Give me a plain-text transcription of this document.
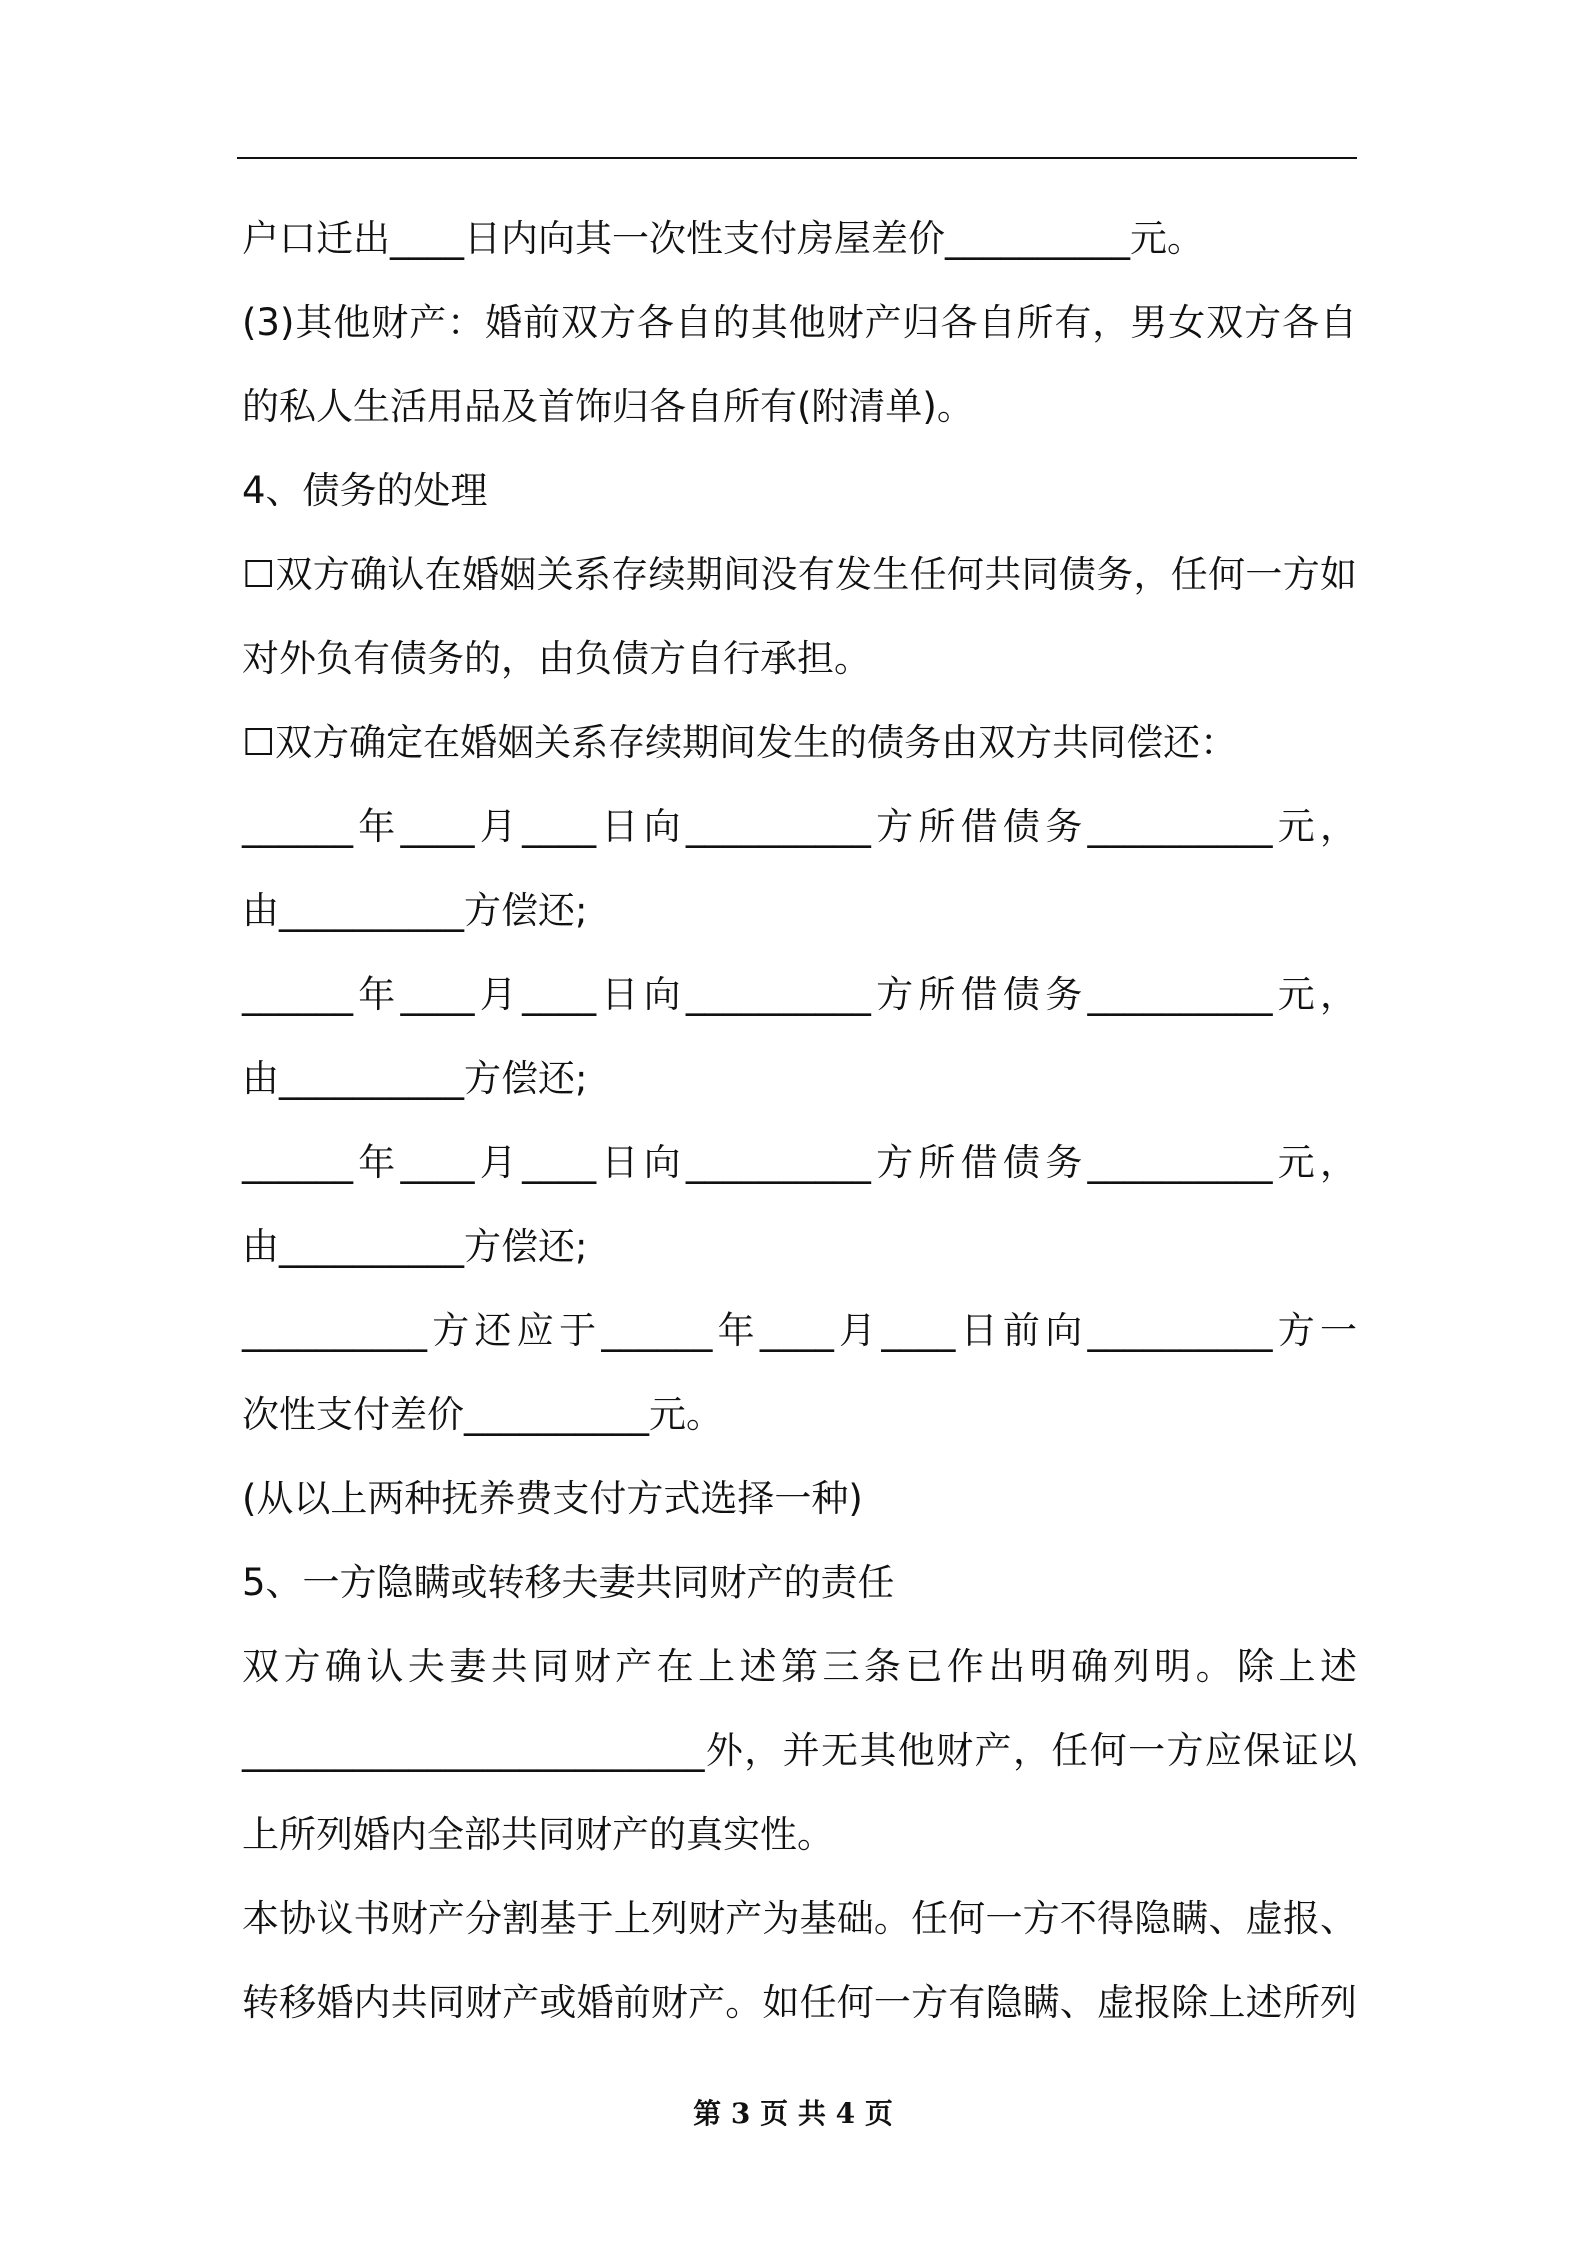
户口迁出____日内向其一次性支付房屋差价__________元。
(3)其他财产：婚前双方各自的其他财产归各自所有，男女双方各自
的私人生活用品及首饰归各自所有(附清单)。
4、债务的处理
☐双方确认在婚姻关系存续期间没有发生任何共同债务，任何一方如
对外负有债务的，由负债方自行承担。
☐双方确定在婚姻关系存续期间发生的债务由双方共同偿还：
______年____月____日向__________方所借债务__________元，
由__________方偿还;
______年____月____日向__________方所借债务__________元，
由__________方偿还;
______年____月____日向__________方所借债务__________元，
由__________方偿还;
__________方还应于______年____月____日前向__________方一
次性支付差价__________元。
(从以上两种抚养费支付方式选择一种)
5、一方隐瞒或转移夫妻共同财产的责任
双方确认夫妻共同财产在上述第三条已作出明确列明。除上述
_________________________外，并无其他财产，任何一方应保证以
上所列婚内全部共同财产的真实性。
本协议书财产分割基于上列财产为基础。任何一方不得隐瞒、虚报、
转移婚内共同财产或婚前财产。如任何一方有隐瞒、虚报除上述所列
第 3 页 共 4 页
